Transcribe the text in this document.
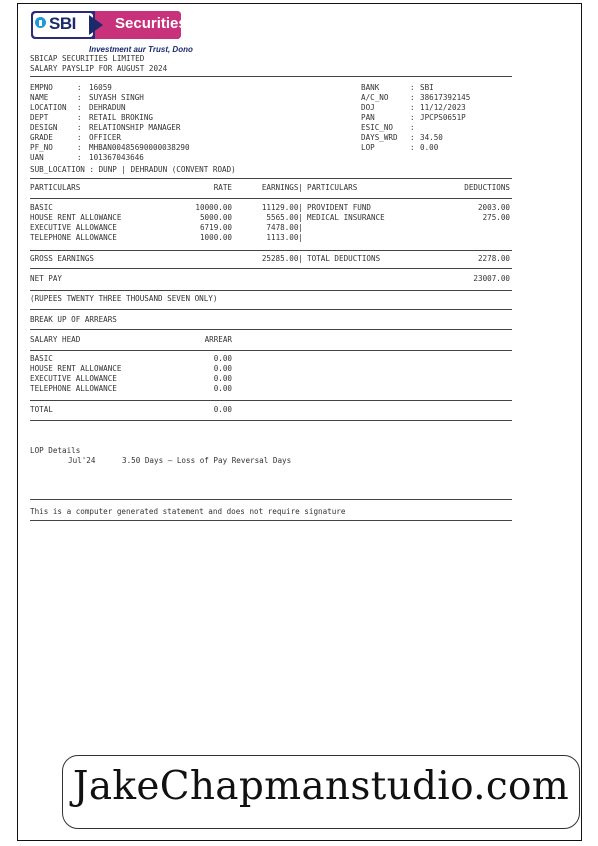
SBI	Securities
Investment aur Trust, Dono
SBICAP SECURITIES LIMITED
SALARY PAYSLIP FOR AUGUST 2024
EMPNO : 16059
NAME : SUYASH SINGH
LOCATION : DEHRADUN
DEPT : RETAIL BROKING
DESIGN : RELATIONSHIP MANAGER
GRADE : OFFICER
PF_NO : MHBAN00485690000038290
UAN : 101367043646
BANK : SBI
A/C_NO : 38617392145
DOJ : 11/12/2023
PAN : JPCPS0651P
ESIC_NO :
DAYS_WRD : 34.50
LOP : 0.00
SUB_LOCATION : DUNP | DEHRADUN (CONVENT ROAD)
PARTICULARS	RATE	EARNINGS| PARTICULARS	DEDUCTIONS
BASIC	10000.00	11129.00| PROVIDENT FUND	2003.00
HOUSE RENT ALLOWANCE	5000.00	5565.00| MEDICAL INSURANCE	275.00
EXECUTIVE ALLOWANCE	6719.00	7478.00|
TELEPHONE ALLOWANCE	1000.00	1113.00|
GROSS EARNINGS	25285.00| TOTAL DEDUCTIONS	2278.00
NET PAY	23007.00
(RUPEES TWENTY THREE THOUSAND SEVEN ONLY)
BREAK UP OF ARREARS
SALARY HEAD	ARREAR
BASIC	0.00
HOUSE RENT ALLOWANCE	0.00
EXECUTIVE ALLOWANCE	0.00
TELEPHONE ALLOWANCE	0.00
TOTAL	0.00
LOP Details
Jul'24	3.50 Days — Loss of Pay Reversal Days
This is a computer generated statement and does not require signature
JakeChapmanstudio.com
